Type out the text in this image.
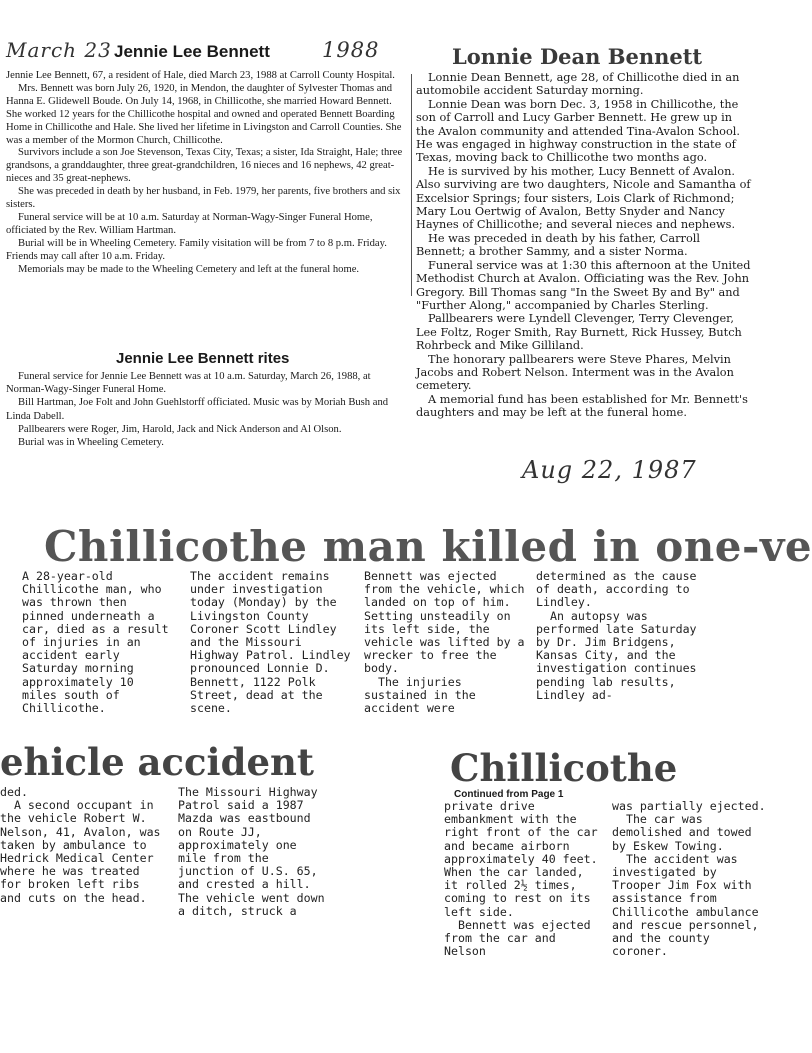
March 23	1988
Aug 22, 1987
Jennie Lee Bennett

Jennie Lee Bennett, 67, a resident of Hale, died March 23, 1988 at Carroll County Hospital.

Mrs. Bennett was born July 26, 1920, in Mendon, the daughter of Sylvester Thomas and Hanna E. Glidewell Boude. On July 14, 1968, in Chillicothe, she married Howard Bennett. She worked 12 years for the Chillicothe hospital and owned and operated Bennett Boarding Home in Chillicothe and Hale. She lived her lifetime in Livingston and Carroll Counties. She was a member of the Mormon Church, Chillicothe.

Survivors include a son Joe Stevenson, Texas City, Texas; a sister, Ida Straight, Hale; three grandsons, a granddaughter, three great-grandchildren, 16 nieces and 16 nephews, 42 great-nieces and 35 great-nephews.

She was preceded in death by her husband, in Feb. 1979, her parents, five brothers and six sisters.

Funeral service will be at 10 a.m. Saturday at Norman-Wagy-Singer Funeral Home, officiated by the Rev. William Hartman.

Burial will be in Wheeling Cemetery. Family visitation will be from 7 to 8 p.m. Friday. Friends may call after 10 a.m. Friday.

Memorials may be made to the Wheeling Cemetery and left at the funeral home.

Jennie Lee Bennett rites

Funeral service for Jennie Lee Bennett was at 10 a.m. Saturday, March 26, 1988, at Norman-Wagy-Singer Funeral Home.

Bill Hartman, Joe Folt and John Guehlstorff officiated. Music was by Moriah Bush and Linda Dabell.

Pallbearers were Roger, Jim, Harold, Jack and Nick Anderson and Al Olson.

Burial was in Wheeling Cemetery.

Lonnie Dean Bennett

Lonnie Dean Bennett, age 28, of Chillicothe died in an automobile accident Saturday morning.

Lonnie Dean was born Dec. 3, 1958 in Chillicothe, the son of Carroll and Lucy Garber Bennett. He grew up in the Avalon community and attended Tina-Avalon School. He was engaged in highway construction in the state of Texas, moving back to Chillicothe two months ago.

He is survived by his mother, Lucy Bennett of Avalon. Also surviving are two daughters, Nicole and Samantha of Excelsior Springs; four sisters, Lois Clark of Richmond; Mary Lou Oertwig of Avalon, Betty Snyder and Nancy Haynes of Chillicothe; and several nieces and nephews.

He was preceded in death by his father, Carroll Bennett; a brother Sammy, and a sister Norma.

Funeral service was at 1:30 this afternoon at the United Methodist Church at Avalon. Officiating was the Rev. John Gregory. Bill Thomas sang "In the Sweet By and By" and "Further Along," accompanied by Charles Sterling.

Pallbearers were Lyndell Clevenger, Terry Clevenger, Lee Foltz, Roger Smith, Ray Burnett, Rick Hussey, Butch Rohrbeck and Mike Gilliland.

The honorary pallbearers were Steve Phares, Melvin Jacobs and Robert Nelson. Interment was in the Avalon cemetery.

A memorial fund has been established for Mr. Bennett's daughters and may be left at the funeral home.

Chillicothe man killed in one-ve
A 28-year-old Chillicothe man, who was thrown then pinned underneath a car, died as a result of injuries in an accident early Saturday morning approximately 10 miles south of Chillicothe.
The accident remains under investigation today (Monday) by the Livingston County Coroner Scott Lindley and the Missouri Highway Patrol. Lindley pronounced Lonnie D. Bennett, 1122 Polk Street, dead at the scene.
Bennett was ejected from the vehicle, which landed on top of him. Setting unsteadily on its left side, the vehicle was lifted by a wrecker to free the body.
The injuries sustained in the accident were
determined as the cause of death, according to Lindley.
An autopsy was performed late Saturday by Dr. Jim Bridgens, Kansas City, and the investigation continues pending lab results, Lindley ad-
ehicle accident
ded.
A second occupant in the vehicle Robert W. Nelson, 41, Avalon, was taken by ambulance to Hedrick Medical Center where he was treated for broken left ribs and cuts on the head.
The Missouri Highway Patrol said a 1987 Mazda was eastbound on Route JJ, approximately one mile from the junction of U.S. 65, and crested a hill. The vehicle went down a ditch, struck a
Chillicothe
Continued from Page 1
private drive embankment with the right front of the car and became airborn approximately 40 feet. When the car landed, it rolled 2½ times, coming to rest on its left side.
Bennett was ejected from the car and Nelson
was partially ejected.
The car was demolished and towed by Eskew Towing.
The accident was investigated by Trooper Jim Fox with assistance from Chillicothe ambulance and rescue personnel, and the county coroner.
